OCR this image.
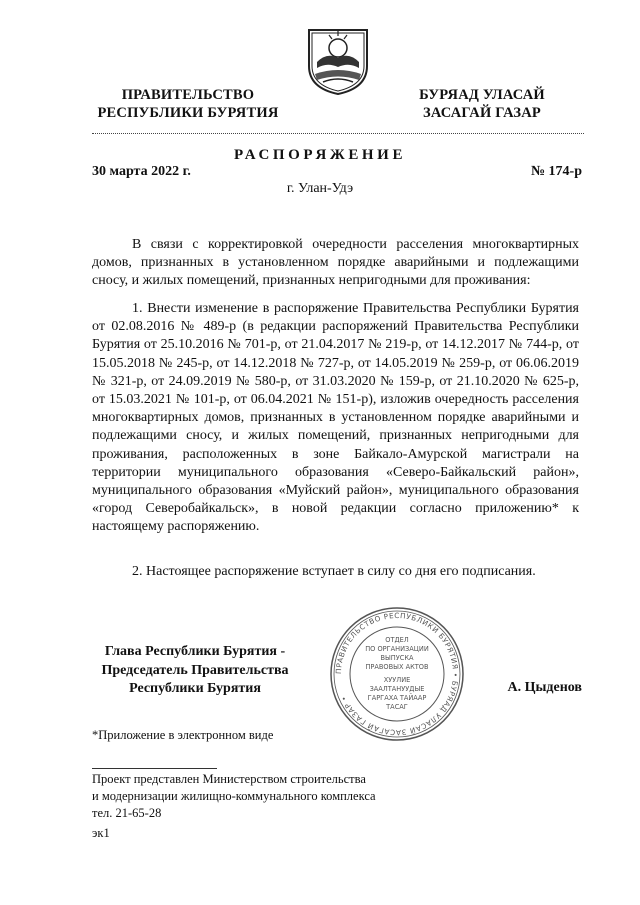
ПРАВИТЕЛЬСТВО
РЕСПУБЛИКИ БУРЯТИЯ
БУРЯАД УЛАСАЙ
ЗАСАГАЙ ГАЗАР
РАСПОРЯЖЕНИЕ
30 марта 2022 г.	№ 174-р
г. Улан-Удэ

В связи с корректировкой очередности расселения многоквартирных домов, признанных в установленном порядке аварийными и подлежащими сносу, и жилых помещений, признанных непригодными для проживания:

1. Внести изменение в распоряжение Правительства Республики Бурятия от 02.08.2016 № 489-р (в редакции распоряжений Правительства Республики Бурятия от 25.10.2016 № 701-р, от 21.04.2017 № 219-р, от 14.12.2017 № 744-р, от 15.05.2018 № 245-р, от 14.12.2018 № 727-р, от 14.05.2019 № 259-р, от 06.06.2019 № 321-р, от 24.09.2019 № 580-р, от 31.03.2020 № 159-р, от 21.10.2020 № 625-р, от 15.03.2021 № 101-р, от 06.04.2021 № 151-р), изложив очередность расселения многоквартирных домов, признанных в установленном порядке аварийными и подлежащими сносу, и жилых помещений, признанных непригодными для проживания, расположенных в зоне Байкало-Амурской магистрали на территории муниципального образования «Северо-Байкальский район», муниципального образования «Муйский район», муниципального образования «город Северобайкальск», в новой редакции согласно приложению* к настоящему распоряжению.

2. Настоящее распоряжение вступает в силу со дня его подписания.

Глава Республики Бурятия -
Председатель Правительства
Республики Бурятия
ПРАВИТЕЛЬСТВО РЕСПУБЛИКИ БУРЯТИЯ • БУРЯАД УЛАСАЙ ЗАСАГАЙ ГАЗАР •
ОТДЕЛ
ПО ОРГАНИЗАЦИИ
ВЫПУСКА
ПРАВОВЫХ АКТОВ
ХУУЛИЕ
ЗААЛТАНУУДЫЕ
ГАРГАХА ТАЙААР
ТАСАГ
А. Цыденов
*Приложение в электронном виде
Проект представлен Министерством строительства
и модернизации жилищно-коммунального комплекса
тел. 21-65-28
эк1
